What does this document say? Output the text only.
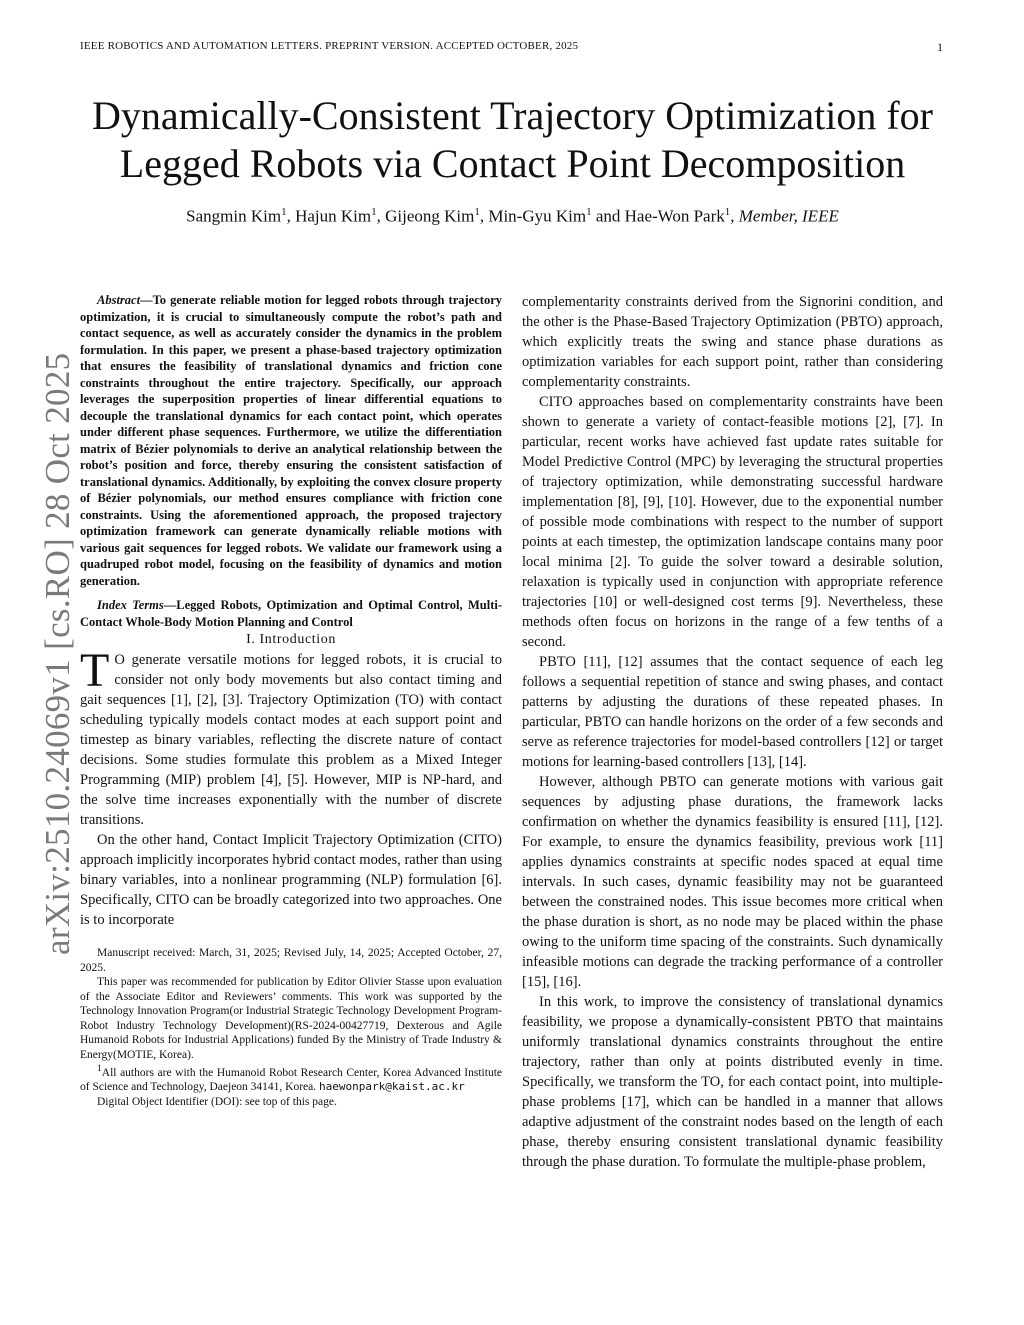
IEEE ROBOTICS AND AUTOMATION LETTERS. PREPRINT VERSION. ACCEPTED OCTOBER, 2025	1
arXiv:2510.24069v1 [cs.RO] 28 Oct 2025
Dynamically-Consistent Trajectory Optimization for
Legged Robots via Contact Point Decomposition
Sangmin Kim$^1$, Hajun Kim$^1$, Gijeong Kim$^1$, Min-Gyu Kim$^1$ and Hae-Won Park$^1$, Member, IEEE

Abstract—To generate reliable motion for legged robots through trajectory optimization, it is crucial to simultaneously compute the robot’s path and contact sequence, as well as accurately consider the dynamics in the problem formulation. In this paper, we present a phase-based trajectory optimization that ensures the feasibility of translational dynamics and friction cone constraints throughout the entire trajectory. Specifically, our approach leverages the superposition properties of linear differential equations to decouple the translational dynamics for each contact point, which operates under different phase sequences. Furthermore, we utilize the differentiation matrix of Bézier polynomials to derive an analytical relationship between the robot’s position and force, thereby ensuring the consistent satisfaction of translational dynamics. Additionally, by exploiting the convex closure property of Bézier polynomials, our method ensures compliance with friction cone constraints. Using the aforementioned approach, the proposed trajectory optimization framework can generate dynamically reliable motions with various gait sequences for legged robots. We validate our framework using a quadruped robot model, focusing on the feasibility of dynamics and motion generation.

Index Terms—Legged Robots, Optimization and Optimal Control, Multi-Contact Whole-Body Motion Planning and Control

I. Introduction

T O generate versatile motions for legged robots, it is crucial to consider not only body movements but also contact timing and gait sequences [1], [2], [3]. Trajectory Optimization (TO) with contact scheduling typically models contact modes at each support point and timestep as binary variables, reflecting the discrete nature of contact decisions. Some studies formulate this problem as a Mixed Integer Programming (MIP) problem [4], [5]. However, MIP is NP-hard, and the solve time increases exponentially with the number of discrete transitions.

On the other hand, Contact Implicit Trajectory Optimization (CITO) approach implicitly incorporates hybrid contact modes, rather than using binary variables, into a nonlinear programming (NLP) formulation [6]. Specifically, CITO can be broadly categorized into two approaches. One is to incorporate

Manuscript received: March, 31, 2025; Revised July, 14, 2025; Accepted October, 27, 2025.

This paper was recommended for publication by Editor Olivier Stasse upon evaluation of the Associate Editor and Reviewers’ comments. This work was supported by the Technology Innovation Program(or Industrial Strategic Technology Development Program-Robot Industry Technology Development)(RS-2024-00427719, Dexterous and Agile Humanoid Robots for Industrial Applications) funded By the Ministry of Trade Industry & Energy(MOTIE, Korea).

$^1$All authors are with the Humanoid Robot Research Center, Korea Advanced Institute of Science and Technology, Daejeon 34141, Korea. haewonpark@kaist.ac.kr

Digital Object Identifier (DOI): see top of this page.

complementarity constraints derived from the Signorini condition, and the other is the Phase-Based Trajectory Optimization (PBTO) approach, which explicitly treats the swing and stance phase durations as optimization variables for each support point, rather than considering complementarity constraints.

CITO approaches based on complementarity constraints have been shown to generate a variety of contact-feasible motions [2], [7]. In particular, recent works have achieved fast update rates suitable for Model Predictive Control (MPC) by leveraging the structural properties of trajectory optimization, while demonstrating successful hardware implementation [8], [9], [10]. However, due to the exponential number of possible mode combinations with respect to the number of support points at each timestep, the optimization landscape contains many poor local minima [2]. To guide the solver toward a desirable solution, relaxation is typically used in conjunction with appropriate reference trajectories [10] or well-designed cost terms [9]. Nevertheless, these methods often focus on horizons in the range of a few tenths of a second.

PBTO [11], [12] assumes that the contact sequence of each leg follows a sequential repetition of stance and swing phases, and contact patterns by adjusting the durations of these repeated phases. In particular, PBTO can handle horizons on the order of a few seconds and serve as reference trajectories for model-based controllers [12] or target motions for learning-based controllers [13], [14].

However, although PBTO can generate motions with various gait sequences by adjusting phase durations, the framework lacks confirmation on whether the dynamics feasibility is ensured [11], [12]. For example, to ensure the dynamics feasibility, previous work [11] applies dynamics constraints at specific nodes spaced at equal time intervals. In such cases, dynamic feasibility may not be guaranteed between the constrained nodes. This issue becomes more critical when the phase duration is short, as no node may be placed within the phase owing to the uniform time spacing of the constraints. Such dynamically infeasible motions can degrade the tracking performance of a controller [15], [16].

In this work, to improve the consistency of translational dynamics feasibility, we propose a dynamically-consistent PBTO that maintains uniformly translational dynamics constraints throughout the entire trajectory, rather than only at points distributed evenly in time. Specifically, we transform the TO, for each contact point, into multiple-phase problems [17], which can be handled in a manner that allows adaptive adjustment of the constraint nodes based on the length of each phase, thereby ensuring consistent translational dynamic feasibility through the phase duration. To formulate the multiple-phase problem,
